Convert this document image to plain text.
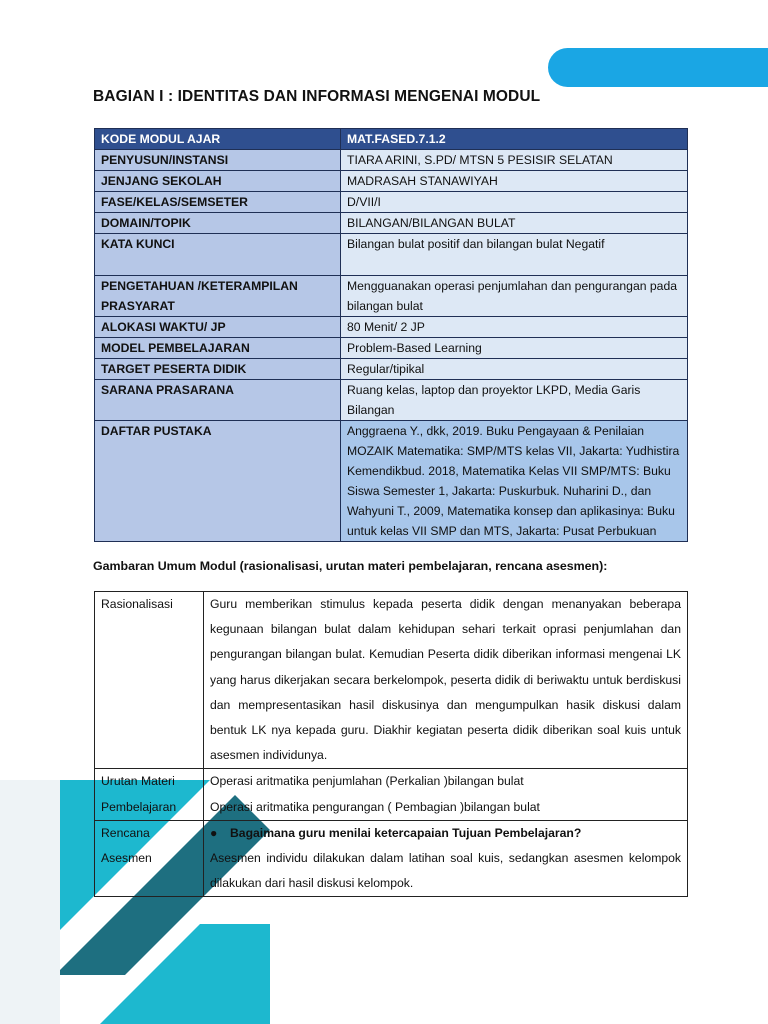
BAGIAN I : IDENTITAS DAN INFORMASI MENGENAI MODUL
KODE MODUL AJAR	MAT.FASED.7.1.2
PENYUSUN/INSTANSI	TIARA ARINI, S.PD/ MTSN 5 PESISIR SELATAN
JENJANG SEKOLAH	MADRASAH STANAWIYAH
FASE/KELAS/SEMSETER	D/VII/I
DOMAIN/TOPIK	BILANGAN/BILANGAN BULAT
KATA KUNCI	Bilangan bulat positif dan bilangan bulat Negatif
PENGETAHUAN /KETERAMPILAN PRASYARAT	Mengguanakan operasi penjumlahan dan pengurangan pada bilangan bulat
ALOKASI WAKTU/ JP	80 Menit/ 2 JP
MODEL PEMBELAJARAN	Problem-Based Learning
TARGET PESERTA DIDIK	Regular/tipikal
SARANA PRASARANA	Ruang kelas, laptop dan proyektor LKPD, Media Garis Bilangan
DAFTAR PUSTAKA	Anggraena Y., dkk, 2019. Buku Pengayaan & Penilaian MOZAIK Matematika: SMP/MTS kelas VII, Jakarta: Yudhistira Kemendikbud. 2018, Matematika Kelas VII SMP/MTS: Buku Siswa Semester 1, Jakarta: Puskurbuk. Nuharini D., dan Wahyuni T., 2009, Matematika konsep dan aplikasinya: Buku untuk kelas VII SMP dan MTS, Jakarta: Pusat Perbukuan

Gambaran Umum Modul (rasionalisasi, urutan materi pembelajaran, rencana asesmen):

Rasionalisasi	Guru memberikan stimulus kepada peserta didik dengan menanyakan beberapa kegunaan bilangan bulat dalam kehidupan sehari terkait oprasi penjumlahan dan pengurangan bilangan bulat. Kemudian Peserta didik diberikan informasi mengenai LK yang harus dikerjakan secara berkelompok, peserta didik di beriwaktu untuk berdiskusi dan mempresentasikan hasil diskusinya dan mengumpulkan hasik diskusi dalam bentuk LK nya kepada guru. Diakhir kegiatan peserta didik diberikan soal kuis untuk asesmen individunya.
Urutan Materi Pembelajaran	Operasi aritmatika penjumlahan (Perkalian )bilangan bulat

Operasi aritmatika pengurangan ( Pembagian )bilangan bulat

Rencana Asesmen	● Bagaimana guru menilai ketercapaian Tujuan Pembelajaran?

Asesmen individu dilakukan dalam latihan soal kuis, sedangkan asesmen kelompok dilakukan dari hasil diskusi kelompok.
